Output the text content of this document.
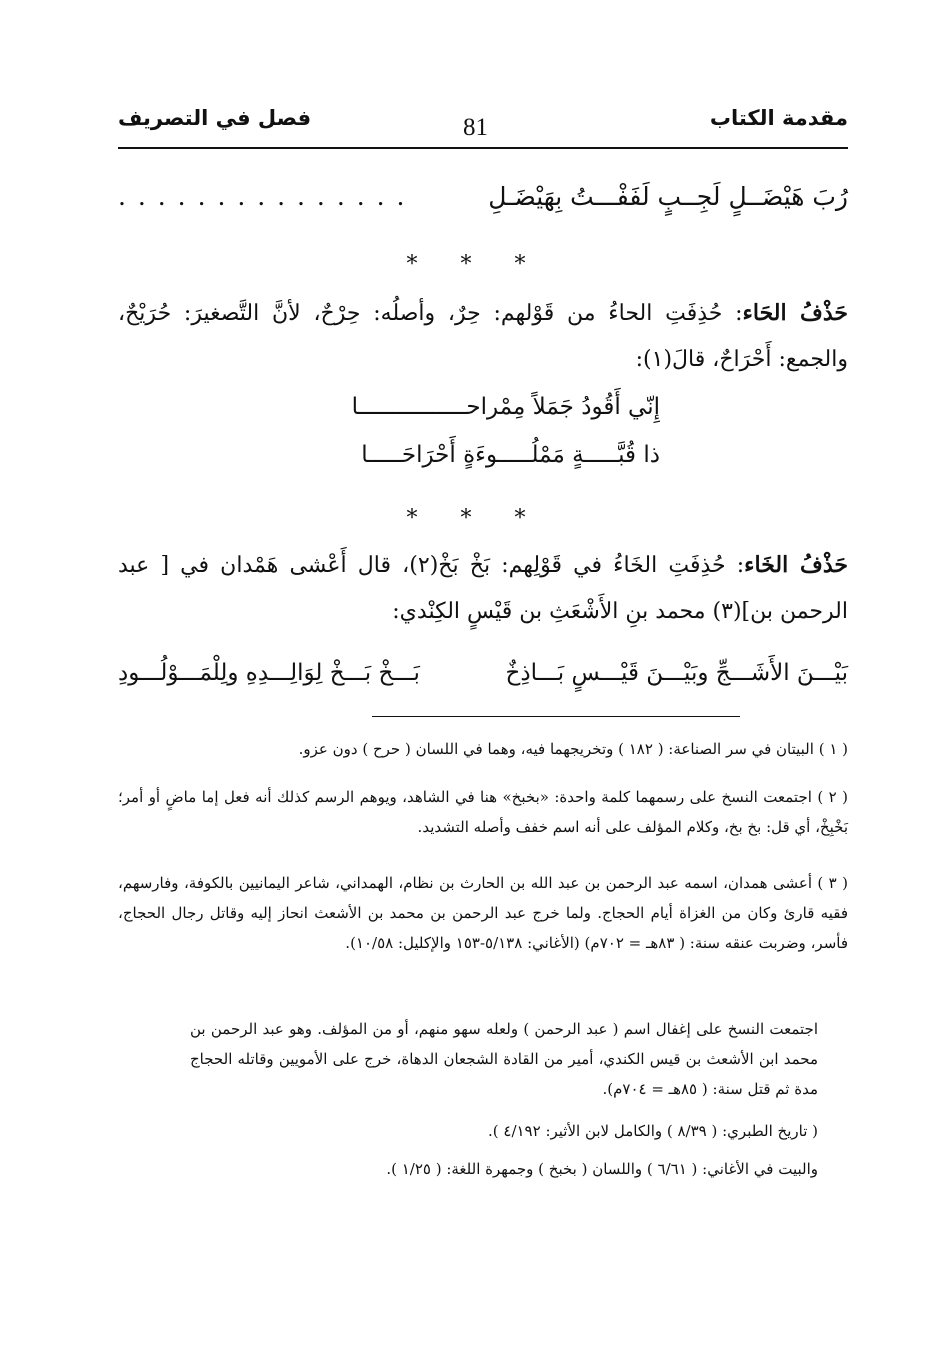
مقدمة الكتاب
81
فصل في التصريف
رُبَ هَيْضَــلٍ لَجِــبٍ لَفَفْـــتُ بِهَيْضَـلِ
. . . . . . . . . . . . . . .
* * *
حَذْفُ الحَاء: حُذِفَتِ الحاءُ من قَوْلهم: حِرٌ، وأصلُه: حِرْحٌ، لأنَّ التَّصغيرَ: حُرَيْحٌ، والجمع: أَحْرَاحٌ، قالَ(١):
إِنّي أَقُودُ جَمَلاً مِمْراحــــــــــــــــا
ذا قُبَّـــــةٍ مَمْلُـــــوءَةٍ أَحْرَاحَـــــا
* * *
حَذْفُ الخَاء: حُذِفَتِ الخَاءُ في قَوْلِهم: بَخْ بَخْ(٢)، قال أَعْشى هَمْدان في [ عبد الرحمن بن](٣) محمد بنِ الأَشْعَثِ بن قَيْسٍ الكِنْدي:
بَيْـــنَ الأَشَـــجِّ وبَيْـــنَ قَيْـــسٍ بَـــاذِخٌ
بَـــخْ بَـــخْ لِوَالِـــدِهِ ولِلْمَـــوْلُـــودِ
( ١ ) البيتان في سر الصناعة: ( ١٨٢ ) وتخريجهما فيه، وهما في اللسان ( حرح ) دون عزو.
( ٢ ) اجتمعت النسخ على رسمهما كلمة واحدة: «بخبخ» هنا في الشاهد، ويوهم الرسم كذلك أنه فعل إما ماضٍ أو أمر؛ بَخْبِخْ، أي قل: بخ بخ، وكلام المؤلف على أنه اسم خفف وأصله التشديد.
( ٣ ) أعشى همدان، اسمه عبد الرحمن بن عبد الله بن الحارث بن نظام، الهمداني، شاعر اليمانيين بالكوفة، وفارسهم، فقيه قارئ وكان من الغزاة أيام الحجاج. ولما خرج عبد الرحمن بن محمد بن الأشعث انحاز إليه وقاتل رجال الحجاج، فأسر، وضربت عنقه سنة: ( ٨٣هـ = ٧٠٢م) (الأغاني: ٥/١٣٨-١٥٣ والإكليل: ١٠/٥٨).
اجتمعت النسخ على إغفال اسم ( عبد الرحمن ) ولعله سهو منهم، أو من المؤلف. وهو عبد الرحمن بن محمد ابن الأشعث بن قيس الكندي، أمير من القادة الشجعان الدهاة، خرج على الأمويين وقاتله الحجاج مدة ثم قتل سنة: ( ٨٥هـ = ٧٠٤م).
( تاريخ الطبري: ( ٨/٣٩ ) والكامل لابن الأثير: ٤/١٩٢ ).
والبيت في الأغاني: ( ٦/٦١ ) واللسان ( بخبخ ) وجمهرة اللغة: ( ١/٢٥ ).
